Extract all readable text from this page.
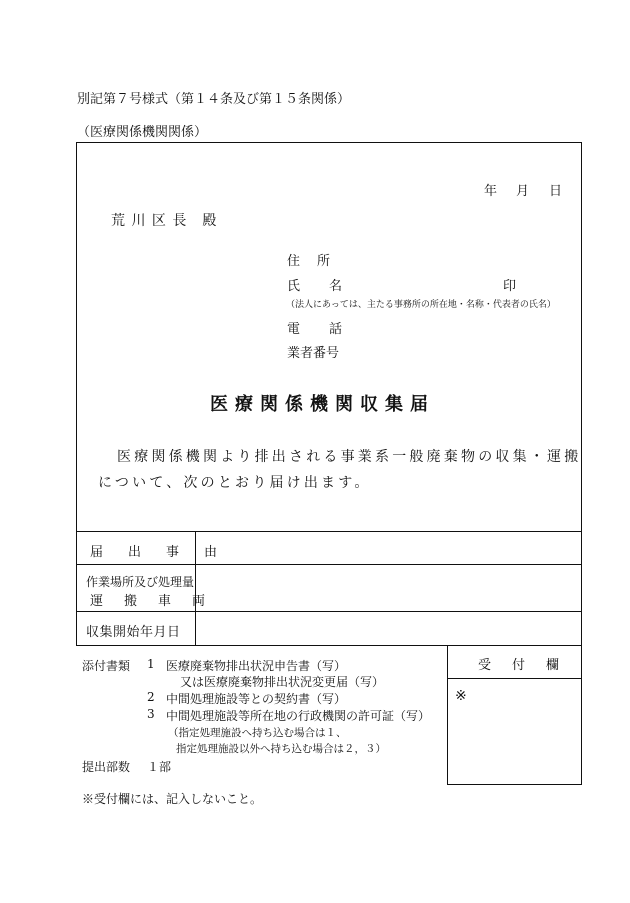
別記第７号様式（第１４条及び第１５条関係）
（医療関係機関関係）
年 月 日
荒 川 区 長　殿
住　所
氏　　名	印
（法人にあっては、主たる事務所の所在地・名称・代表者の氏名）
電　　話
業者番号
医療関係機関収集届
医療関係機関より排出される事業系一般廃棄物の収集・運搬
について、次のとおり届け出ます。
届　出　事　由
作業場所及び処理量
運　搬　車　両
収集開始年月日
受　付　欄
※
添付書類 1 医療廃棄物排出状況申告書（写）
又は医療廃棄物排出状況変更届（写）
2 中間処理施設等との契約書（写）
3 中間処理施設等所在地の行政機関の許可証（写）
（指定処理施設へ持ち込む場合は１、
指定処理施設以外へ持ち込む場合は２，３）
提出部数 １部
※受付欄には、記入しないこと。
